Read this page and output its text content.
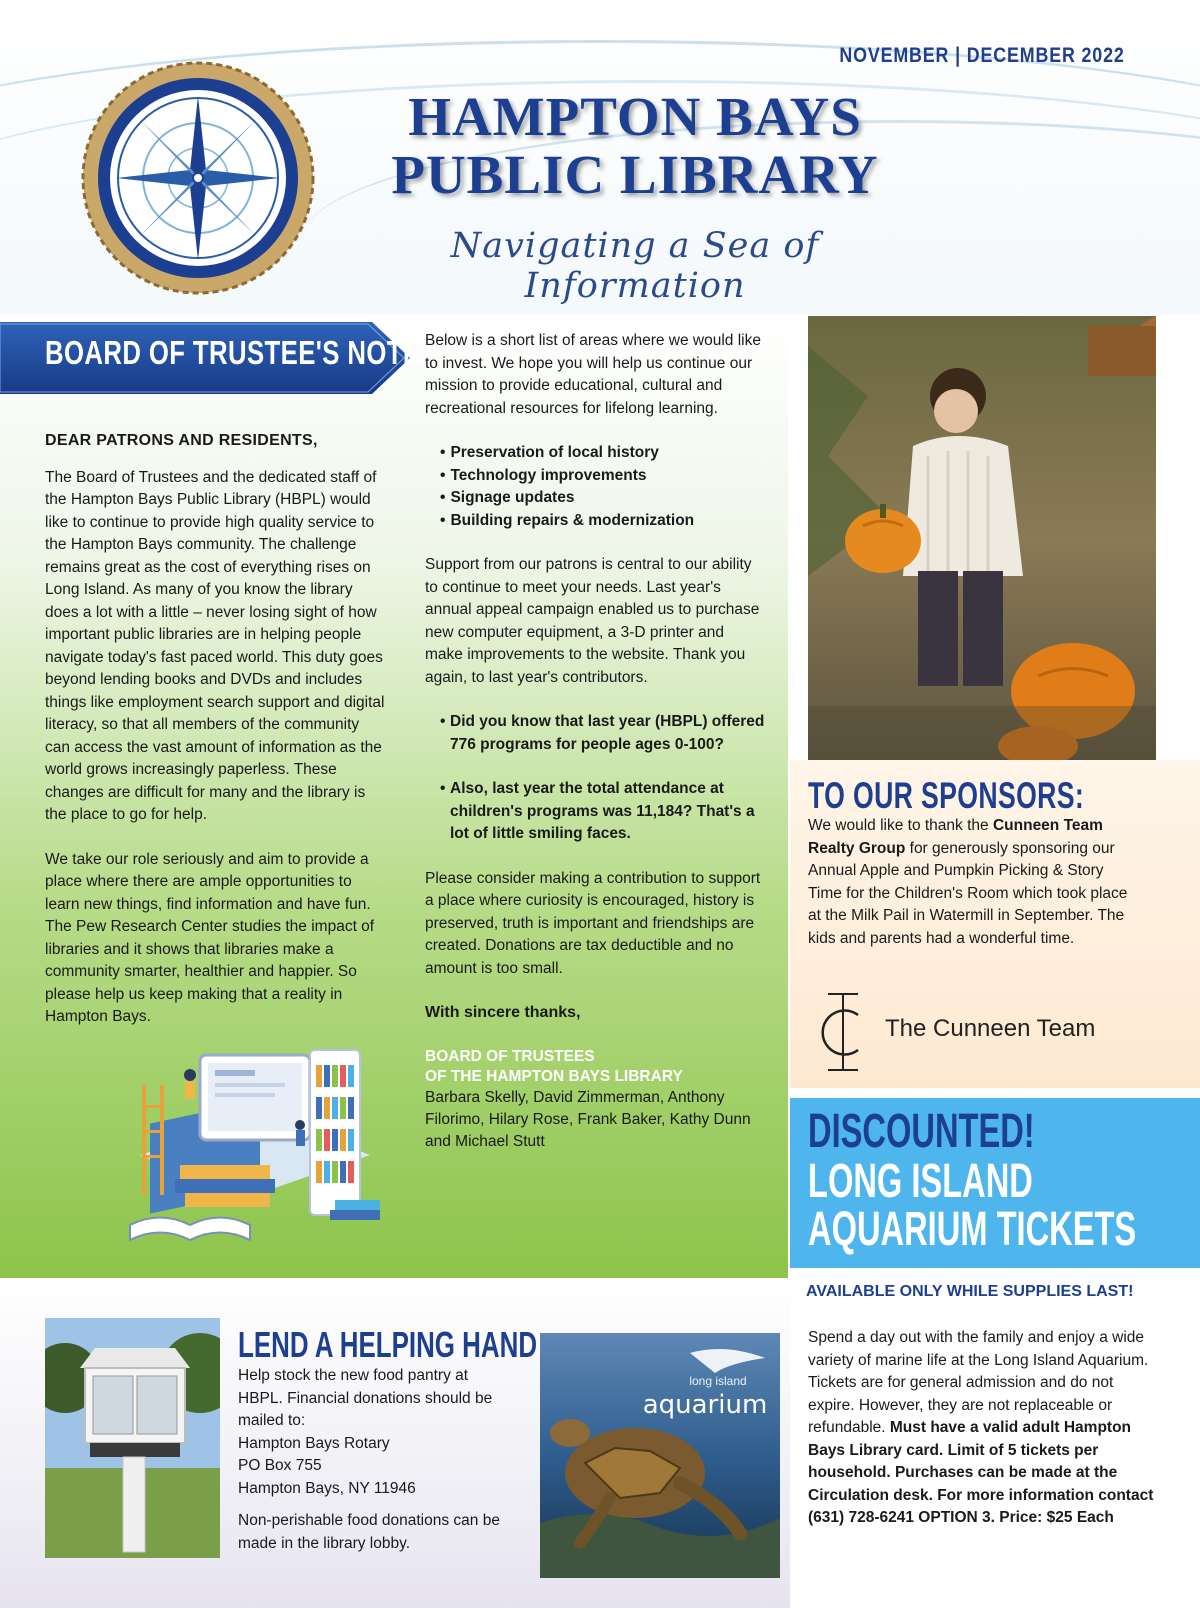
NOVEMBER | DECEMBER 2022
HAMPTON BAYS
PUBLIC LIBRARY
Navigating a Sea of Information
BOARD OF TRUSTEE'S NOTE
DEAR PATRONS AND RESIDENTS,

The Board of Trustees and the dedicated staff of the Hampton Bays Public Library (HBPL) would like to continue to provide high quality service to the Hampton Bays community. The challenge remains great as the cost of everything rises on Long Island. As many of you know the library does a lot with a little – never losing sight of how important public libraries are in helping people navigate today's fast paced world. This duty goes beyond lending books and DVDs and includes things like employment search support and digital literacy, so that all members of the community can access the vast amount of information as the world grows increasingly paperless. These changes are difficult for many and the library is the place to go for help.

We take our role seriously and aim to provide a place where there are ample opportunities to learn new things, find information and have fun. The Pew Research Center studies the impact of libraries and it shows that libraries make a community smarter, healthier and happier. So please help us keep making that a reality in Hampton Bays.

Below is a short list of areas where we would like to invest. We hope you will help us continue our mission to provide educational, cultural and recreational resources for lifelong learning.

• Preservation of local history
• Technology improvements
• Signage updates
• Building repairs & modernization

Support from our patrons is central to our ability to continue to meet your needs. Last year's annual appeal campaign enabled us to purchase new computer equipment, a 3-D printer and make improvements to the website. Thank you again, to last year's contributors.

• Did you know that last year (HBPL) offered 776 programs for people ages 0-100?
• Also, last year the total attendance at children's programs was 11,184? That's a lot of little smiling faces.

Please consider making a contribution to support a place where curiosity is encouraged, history is preserved, truth is important and friendships are created. Donations are tax deductible and no amount is too small.

With sincere thanks,
BOARD OF TRUSTEES
OF THE HAMPTON BAYS LIBRARY
Barbara Skelly, David Zimmerman, Anthony Filorimo, Hilary Rose, Frank Baker, Kathy Dunn and Michael Stutt
TO OUR SPONSORS:
We would like to thank the Cunneen Team Realty Group for generously sponsoring our Annual Apple and Pumpkin Picking & Story Time for the Children's Room which took place at the Milk Pail in Watermill in September. The kids and parents had a wonderful time.
The Cunneen Team
DISCOUNTED!
LONG ISLAND
AQUARIUM TICKETS
AVAILABLE ONLY WHILE SUPPLIES LAST!
Spend a day out with the family and enjoy a wide variety of marine life at the Long Island Aquarium. Tickets are for general admission and do not expire. However, they are not replaceable or refundable. Must have a valid adult Hampton Bays Library card. Limit of 5 tickets per household. Purchases can be made at the Circulation desk. For more information contact (631) 728-6241 OPTION 3. Price: $25 Each
LEND A HELPING HAND

Help stock the new food pantry at HBPL. Financial donations should be mailed to:
Hampton Bays Rotary
PO Box 755
Hampton Bays, NY 11946

Non-perishable food donations can be made in the library lobby.

long island
aquarium
